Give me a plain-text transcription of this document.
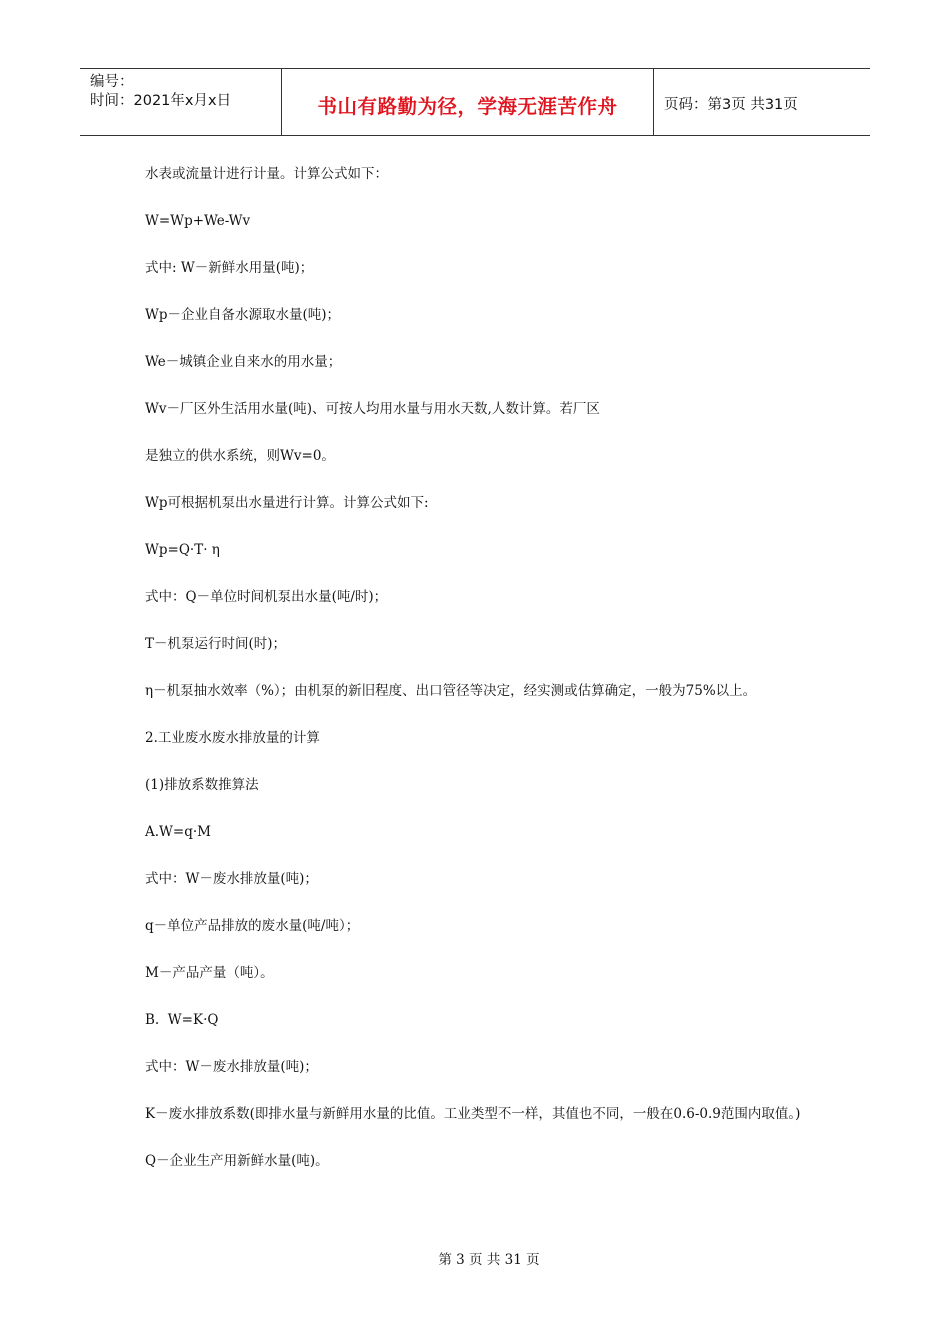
编号：
时间：2021年x月x日	书山有路勤为径，学海无涯苦作舟	页码：第3页 共31页

水表或流量计进行计量。计算公式如下：

W=Wp+We-Wv

式中: W－新鲜水用量(吨)；

Wp－企业自备水源取水量(吨)；

We－城镇企业自来水的用水量；

Wv－厂区外生活用水量(吨)、可按人均用水量与用水天数,人数计算。若厂区

是独立的供水系统，则Wv=0。

Wp可根据机泵出水量进行计算。计算公式如下:

Wp=Q·T· η

式中：Q－单位时间机泵出水量(吨/时)；

T－机泵运行时间(时)；

η－机泵抽水效率（%）；由机泵的新旧程度、出口管径等决定，经实测或估算确定，一般为75%以上。

2.工业废水废水排放量的计算

(1)排放系数推算法

A.W=q·M

式中：W－废水排放量(吨)；

q－单位产品排放的废水量(吨/吨）；

M－产品产量（吨）。

B.  W=K·Q

式中：W－废水排放量(吨)；

K－废水排放系数(即排水量与新鲜用水量的比值。工业类型不一样，其值也不同，一般在0.6-0.9范围内取值。)

Q－企业生产用新鲜水量(吨)。

第 3 页 共 31 页
